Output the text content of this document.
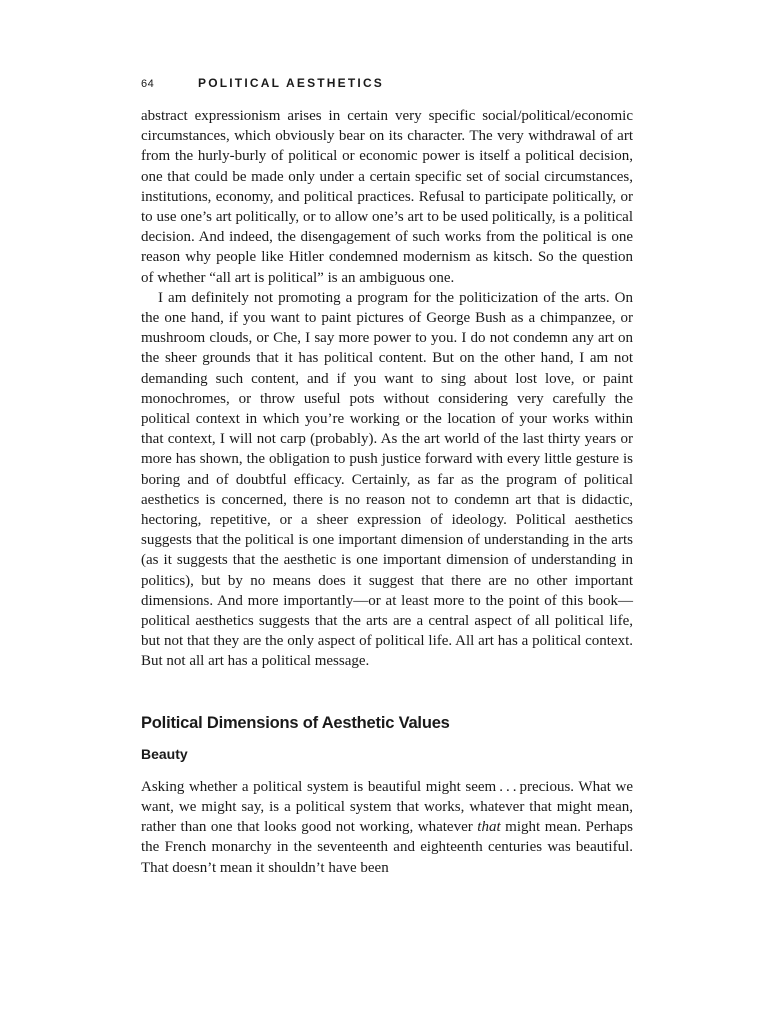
64	POLITICAL AESTHETICS

abstract expressionism arises in certain very specific social/political/economic circumstances, which obviously bear on its character. The very withdrawal of art from the hurly-burly of political or economic power is itself a political decision, one that could be made only under a certain specific set of social circumstances, institutions, economy, and political practices. Refusal to participate politically, or to use one’s art politically, or to allow one’s art to be used politically, is a political decision. And indeed, the disengagement of such works from the political is one reason why people like Hitler condemned modernism as kitsch. So the question of whether “all art is political” is an ambiguous one.

I am definitely not promoting a program for the politicization of the arts. On the one hand, if you want to paint pictures of George Bush as a chimpanzee, or mushroom clouds, or Che, I say more power to you. I do not condemn any art on the sheer grounds that it has political content. But on the other hand, I am not demanding such content, and if you want to sing about lost love, or paint monochromes, or throw useful pots without considering very carefully the political context in which you’re working or the location of your works within that context, I will not carp (probably). As the art world of the last thirty years or more has shown, the obligation to push justice forward with every little gesture is boring and of doubtful efficacy. Certainly, as far as the program of political aesthetics is concerned, there is no reason not to condemn art that is didactic, hectoring, repetitive, or a sheer expression of ideology. Political aesthetics suggests that the political is one important dimension of understanding in the arts (as it suggests that the aesthetic is one important dimension of understanding in politics), but by no means does it suggest that there are no other important dimensions. And more importantly—or at least more to the point of this book—political aesthetics suggests that the arts are a central aspect of all political life, but not that they are the only aspect of political life. All art has a political context. But not all art has a political message.

Political Dimensions of Aesthetic Values
Beauty

Asking whether a political system is beautiful might seem . . . precious. What we want, we might say, is a political system that works, whatever that might mean, rather than one that looks good not working, whatever that might mean. Perhaps the French monarchy in the seventeenth and eighteenth centuries was beautiful. That doesn’t mean it shouldn’t have been
